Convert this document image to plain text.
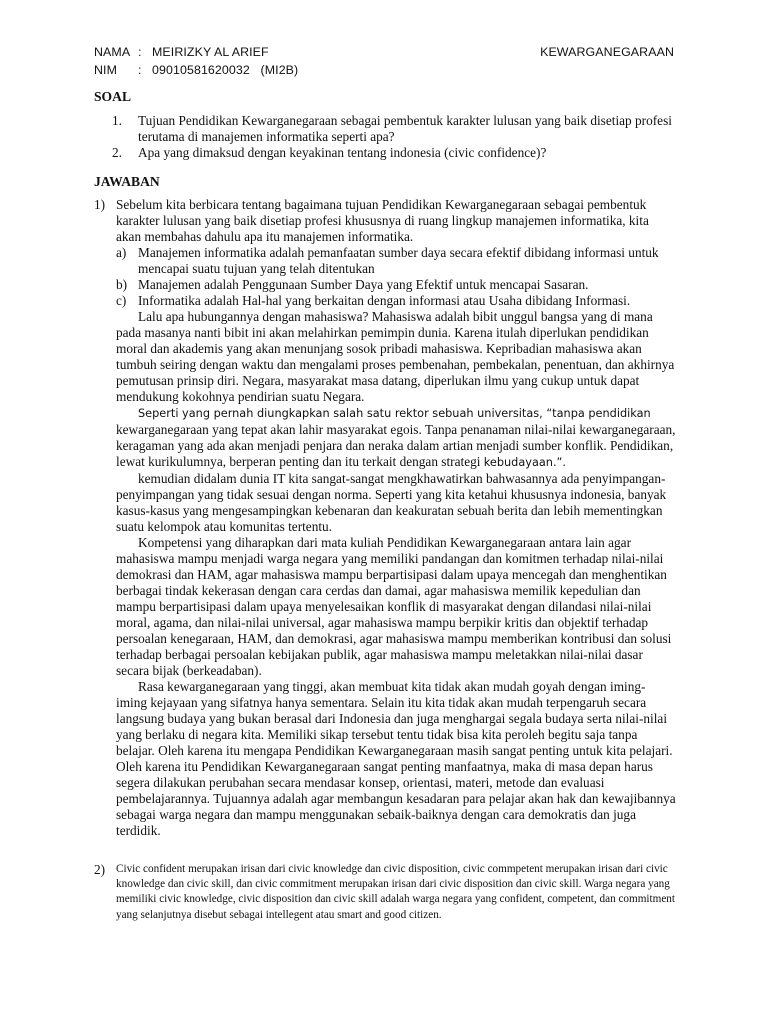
NAMA : MEIRIZKY AL ARIEF
NIM	: 09010581620032   (MI2B)
KEWARGANEGARAAN
SOAL
1.	Tujuan Pendidikan Kewarganegaraan sebagai pembentuk karakter lulusan yang baik disetiap profesi terutama di manajemen informatika seperti apa?
2.	Apa yang dimaksud dengan keyakinan tentang indonesia (civic confidence)?
JAWABAN
1) Sebelum kita berbicara tentang bagaimana tujuan Pendidikan Kewarganegaraan sebagai pembentuk karakter lulusan yang baik disetiap profesi khususnya di ruang lingkup manajemen informatika, kita akan membahas dahulu apa itu manajemen informatika.
a) Manajemen informatika adalah pemanfaatan sumber daya secara efektif dibidang informasi untuk mencapai suatu tujuan yang telah ditentukan
b) Manajemen adalah Penggunaan Sumber Daya yang Efektif untuk mencapai Sasaran.
c) Informatika adalah Hal-hal yang berkaitan dengan informasi atau Usaha dibidang Informasi.
Lalu apa hubungannya dengan mahasiswa? Mahasiswa adalah bibit unggul bangsa yang di mana pada masanya nanti bibit ini akan melahirkan pemimpin dunia. Karena itulah diperlukan pendidikan moral dan akademis yang akan menunjang sosok pribadi mahasiswa. Kepribadian mahasiswa akan tumbuh seiring dengan waktu dan mengalami proses pembenahan, pembekalan, penentuan, dan akhirnya pemutusan prinsip diri. Negara, masyarakat masa datang, diperlukan ilmu yang cukup untuk dapat mendukung kokohnya pendirian suatu Negara.
Seperti yang pernah diungkapkan salah satu rektor sebuah universitas, “tanpa pendidikan kewarganegaraan yang tepat akan lahir masyarakat egois. Tanpa penanaman nilai-nilai kewarganegaraan, keragaman yang ada akan menjadi penjara dan neraka dalam artian menjadi sumber konflik. Pendidikan, lewat kurikulumnya, berperan penting dan itu terkait dengan strategi kebudayaan.”.
kemudian didalam dunia IT kita sangat-sangat mengkhawatirkan bahwasannya ada penyimpangan-penyimpangan yang tidak sesuai dengan norma. Seperti yang kita ketahui khususnya indonesia, banyak kasus-kasus yang mengesampingkan kebenaran dan keakuratan sebuah berita dan lebih mementingkan suatu kelompok atau komunitas tertentu.
Kompetensi yang diharapkan dari mata kuliah Pendidikan Kewarganegaraan antara lain agar mahasiswa mampu menjadi warga negara yang memiliki pandangan dan komitmen terhadap nilai-nilai demokrasi dan HAM, agar mahasiswa mampu berpartisipasi dalam upaya mencegah dan menghentikan berbagai tindak kekerasan dengan cara cerdas dan damai, agar mahasiswa memilik kepedulian dan mampu berpartisipasi dalam upaya menyelesaikan konflik di masyarakat dengan dilandasi nilai-nilai moral, agama, dan nilai-nilai universal, agar mahasiswa mampu berpikir kritis dan objektif terhadap persoalan kenegaraan, HAM, dan demokrasi, agar mahasiswa mampu memberikan kontribusi dan solusi terhadap berbagai persoalan kebijakan publik, agar mahasiswa mampu meletakkan nilai-nilai dasar secara bijak (berkeadaban).
Rasa kewarganegaraan yang tinggi, akan membuat kita tidak akan mudah goyah dengan iming-iming kejayaan yang sifatnya hanya sementara. Selain itu kita tidak akan mudah terpengaruh secara langsung budaya yang bukan berasal dari Indonesia dan juga menghargai segala budaya serta nilai-nilai yang berlaku di negara kita. Memiliki sikap tersebut tentu tidak bisa kita peroleh begitu saja tanpa belajar. Oleh karena itu mengapa Pendidikan Kewarganegaraan masih sangat penting untuk kita pelajari.
Oleh karena itu Pendidikan Kewarganegaraan sangat penting manfaatnya, maka di masa depan harus segera dilakukan perubahan secara mendasar konsep, orientasi, materi, metode dan evaluasi pembelajarannya. Tujuannya adalah agar membangun kesadaran para pelajar akan hak dan kewajibannya sebagai warga negara dan mampu menggunakan sebaik-baiknya dengan cara demokratis dan juga terdidik.
2) Civic confident merupakan irisan dari civic knowledge dan civic disposition, civic commpetent merupakan irisan dari civic knowledge dan civic skill, dan civic commitment merupakan irisan dari civic disposition dan civic skill. Warga negara yang memiliki civic knowledge, civic disposition dan civic skill adalah warga negara yang confident, competent, dan commitment yang selanjutnya disebut sebagai intellegent atau smart and good citizen.
